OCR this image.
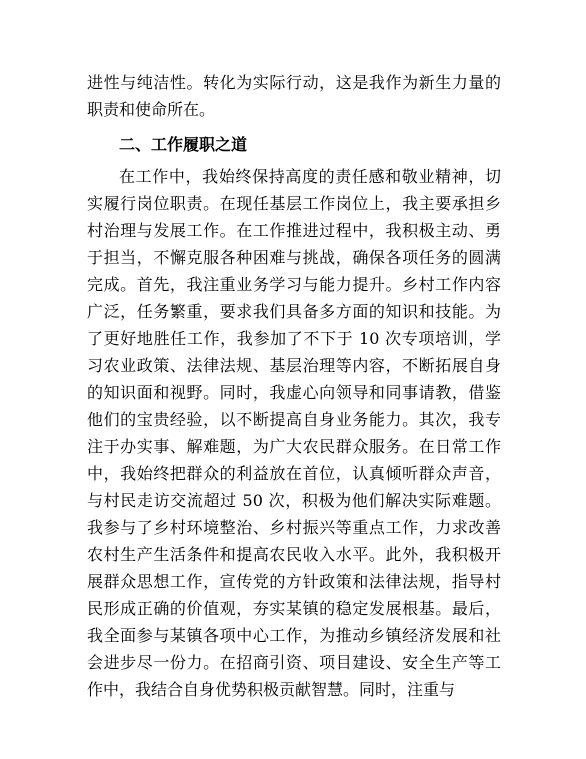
进性与纯洁性。转化为实际行动，这是我作为新生力量的职责和使命所在。

二、工作履职之道

在工作中，我始终保持高度的责任感和敬业精神，切实履行岗位职责。在现任基层工作岗位上，我主要承担乡村治理与发展工作。在工作推进过程中，我积极主动、勇于担当，不懈克服各种困难与挑战，确保各项任务的圆满完成。首先，我注重业务学习与能力提升。乡村工作内容广泛，任务繁重，要求我们具备多方面的知识和技能。为了更好地胜任工作，我参加了不下于 10 次专项培训，学习农业政策、法律法规、基层治理等内容，不断拓展自身的知识面和视野。同时，我虚心向领导和同事请教，借鉴他们的宝贵经验，以不断提高自身业务能力。其次，我专注于办实事、解难题，为广大农民群众服务。在日常工作中，我始终把群众的利益放在首位，认真倾听群众声音，与村民走访交流超过 50 次，积极为他们解决实际难题。我参与了乡村环境整治、乡村振兴等重点工作，力求改善农村生产生活条件和提高农民收入水平。此外，我积极开展群众思想工作，宣传党的方针政策和法律法规，指导村民形成正确的价值观，夯实某镇的稳定发展根基。最后，我全面参与某镇各项中心工作，为推动乡镇经济发展和社会进步尽一份力。在招商引资、项目建设、安全生产等工作中，我结合自身优势积极贡献智慧。同时，注重与
